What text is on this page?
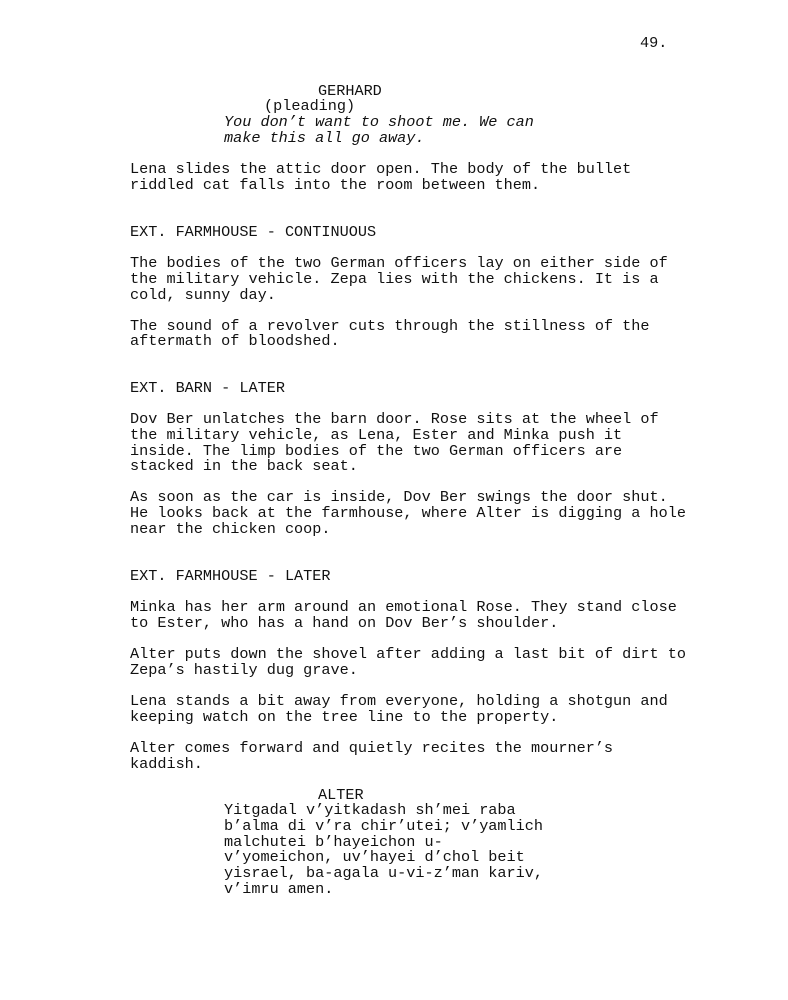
49.
GERHARD
(pleading)
You don’t want to shoot me. We can
make this all go away.
Lena slides the attic door open. The body of the bullet
riddled cat falls into the room between them.
EXT. FARMHOUSE - CONTINUOUS
The bodies of the two German officers lay on either side of
the military vehicle. Zepa lies with the chickens. It is a
cold, sunny day.
The sound of a revolver cuts through the stillness of the
aftermath of bloodshed.
EXT. BARN - LATER
Dov Ber unlatches the barn door. Rose sits at the wheel of
the military vehicle, as Lena, Ester and Minka push it
inside. The limp bodies of the two German officers are
stacked in the back seat.
As soon as the car is inside, Dov Ber swings the door shut.
He looks back at the farmhouse, where Alter is digging a hole
near the chicken coop.
EXT. FARMHOUSE - LATER
Minka has her arm around an emotional Rose. They stand close
to Ester, who has a hand on Dov Ber’s shoulder.
Alter puts down the shovel after adding a last bit of dirt to
Zepa’s hastily dug grave.
Lena stands a bit away from everyone, holding a shotgun and
keeping watch on the tree line to the property.
Alter comes forward and quietly recites the mourner’s
kaddish.
ALTER
Yitgadal v’yitkadash sh’mei raba
b’alma di v’ra chir’utei; v’yamlich
malchutei b’hayeichon u-
v’yomeichon, uv’hayei d’chol beit
yisrael, ba-agala u-vi-z’man kariv,
v’imru amen.
